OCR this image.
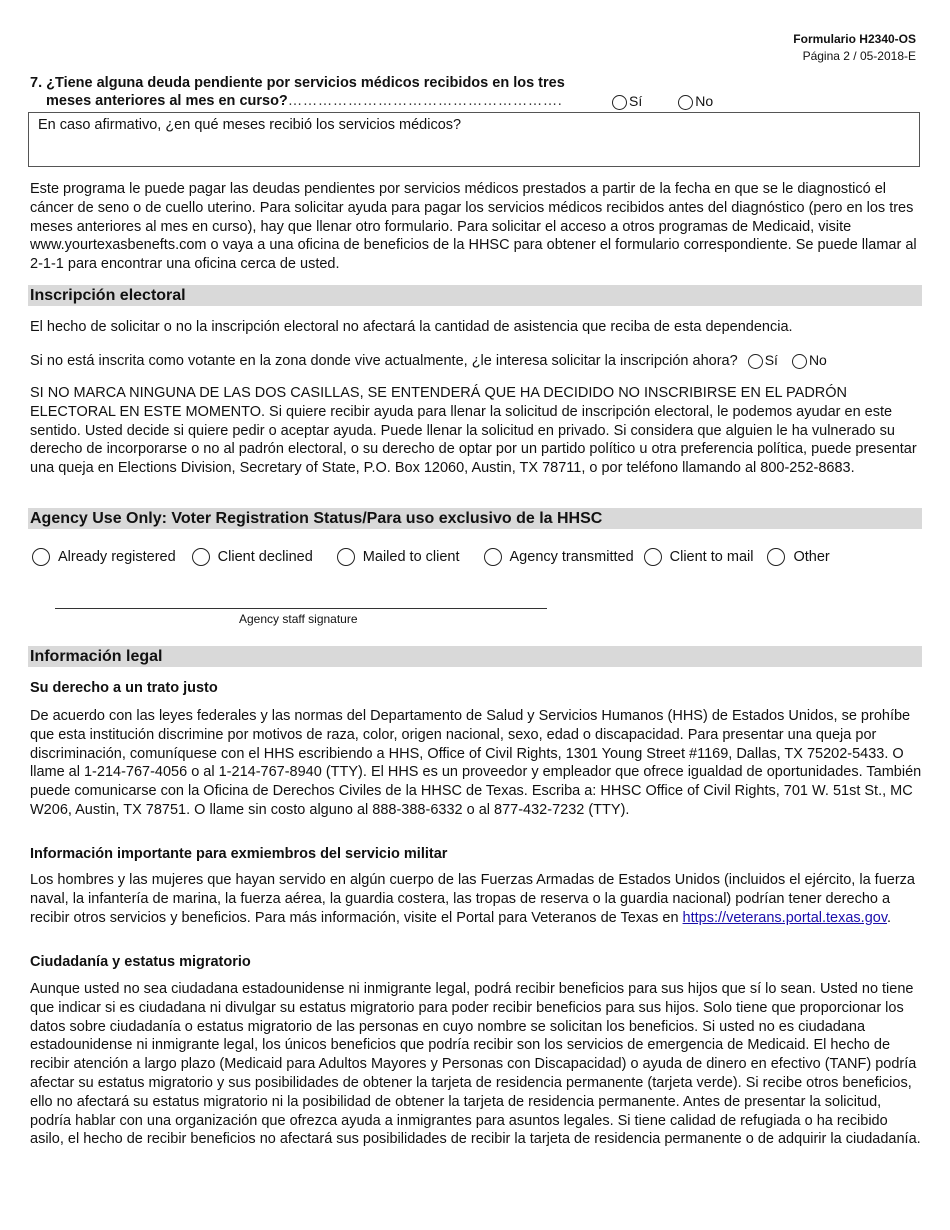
Formulario H2340-OS
Página 2 / 05-2018-E
7. ¿Tiene alguna deuda pendiente por servicios médicos recibidos en los tres
meses anteriores al mes en curso?……………………………………………….	Sí	No
En caso afirmativo, ¿en qué meses recibió los servicios médicos?

Este programa le puede pagar las deudas pendientes por servicios médicos prestados a partir de la fecha en que se le diagnosticó el cáncer de seno o de cuello uterino. Para solicitar ayuda para pagar los servicios médicos recibidos antes del diagnóstico (pero en los tres meses anteriores al mes en curso), hay que llenar otro formulario. Para solicitar el acceso a otros programas de Medicaid, visite www.yourtexasbenefts.com o vaya a una oficina de beneficios de la HHSC para obtener el formulario correspondiente. Se puede llamar al 2-1-1 para encontrar una oficina cerca de usted.

Inscripción electoral

El hecho de solicitar o no la inscripción electoral no afectará la cantidad de asistencia que reciba de esta dependencia.

Si no está inscrita como votante en la zona donde vive actualmente, ¿le interesa solicitar la inscripción ahora?	Sí	No

SI NO MARCA NINGUNA DE LAS DOS CASILLAS, SE ENTENDERÁ QUE HA DECIDIDO NO INSCRIBIRSE EN EL PADRÓN ELECTORAL EN ESTE MOMENTO. Si quiere recibir ayuda para llenar la solicitud de inscripción electoral, le podemos ayudar en este sentido. Usted decide si quiere pedir o aceptar ayuda. Puede llenar la solicitud en privado. Si considera que alguien le ha vulnerado su derecho de incorporarse o no al padrón electoral, o su derecho de optar por un partido político u otra preferencia política, puede presentar una queja en Elections Division, Secretary of State, P.O. Box 12060, Austin, TX 78711, o por teléfono llamando al 800-252-8683.

Agency Use Only: Voter Registration Status/Para uso exclusivo de la HHSC
Already registered	Client declined	Mailed to client	Agency transmitted Client to mail	Other
Agency staff signature
Información legal
Su derecho a un trato justo

De acuerdo con las leyes federales y las normas del Departamento de Salud y Servicios Humanos (HHS) de Estados Unidos, se prohíbe que esta institución discrimine por motivos de raza, color, origen nacional, sexo, edad o discapacidad. Para presentar una queja por discriminación, comuníquese con el HHS escribiendo a HHS, Office of Civil Rights, 1301 Young Street #1169, Dallas, TX 75202-5433. O llame al 1-214-767-4056 o al 1-214-767-8940 (TTY). El HHS es un proveedor y empleador que ofrece igualdad de oportunidades. También puede comunicarse con la Oficina de Derechos Civiles de la HHSC de Texas. Escriba a: HHSC Office of Civil Rights, 701 W. 51st St., MC W206, Austin, TX 78751. O llame sin costo alguno al 888-388-6332 o al 877-432-7232 (TTY).

Información importante para exmiembros del servicio militar

Los hombres y las mujeres que hayan servido en algún cuerpo de las Fuerzas Armadas de Estados Unidos (incluidos el ejército, la fuerza naval, la infantería de marina, la fuerza aérea, la guardia costera, las tropas de reserva o la guardia nacional) podrían tener derecho a recibir otros servicios y beneficios. Para más información, visite el Portal para Veteranos de Texas en https://veterans.portal.texas.gov.

Ciudadanía y estatus migratorio

Aunque usted no sea ciudadana estadounidense ni inmigrante legal, podrá recibir beneficios para sus hijos que sí lo sean. Usted no tiene que indicar si es ciudadana ni divulgar su estatus migratorio para poder recibir beneficios para sus hijos. Solo tiene que proporcionar los datos sobre ciudadanía o estatus migratorio de las personas en cuyo nombre se solicitan los beneficios. Si usted no es ciudadana estadounidense ni inmigrante legal, los únicos beneficios que podría recibir son los servicios de emergencia de Medicaid. El hecho de recibir atención a largo plazo (Medicaid para Adultos Mayores y Personas con Discapacidad) o ayuda de dinero en efectivo (TANF) podría afectar su estatus migratorio y sus posibilidades de obtener la tarjeta de residencia permanente (tarjeta verde). Si recibe otros beneficios, ello no afectará su estatus migratorio ni la posibilidad de obtener la tarjeta de residencia permanente. Antes de presentar la solicitud, podría hablar con una organización que ofrezca ayuda a inmigrantes para asuntos legales. Si tiene calidad de refugiada o ha recibido asilo, el hecho de recibir beneficios no afectará sus posibilidades de recibir la tarjeta de residencia permanente o de adquirir la ciudadanía.
